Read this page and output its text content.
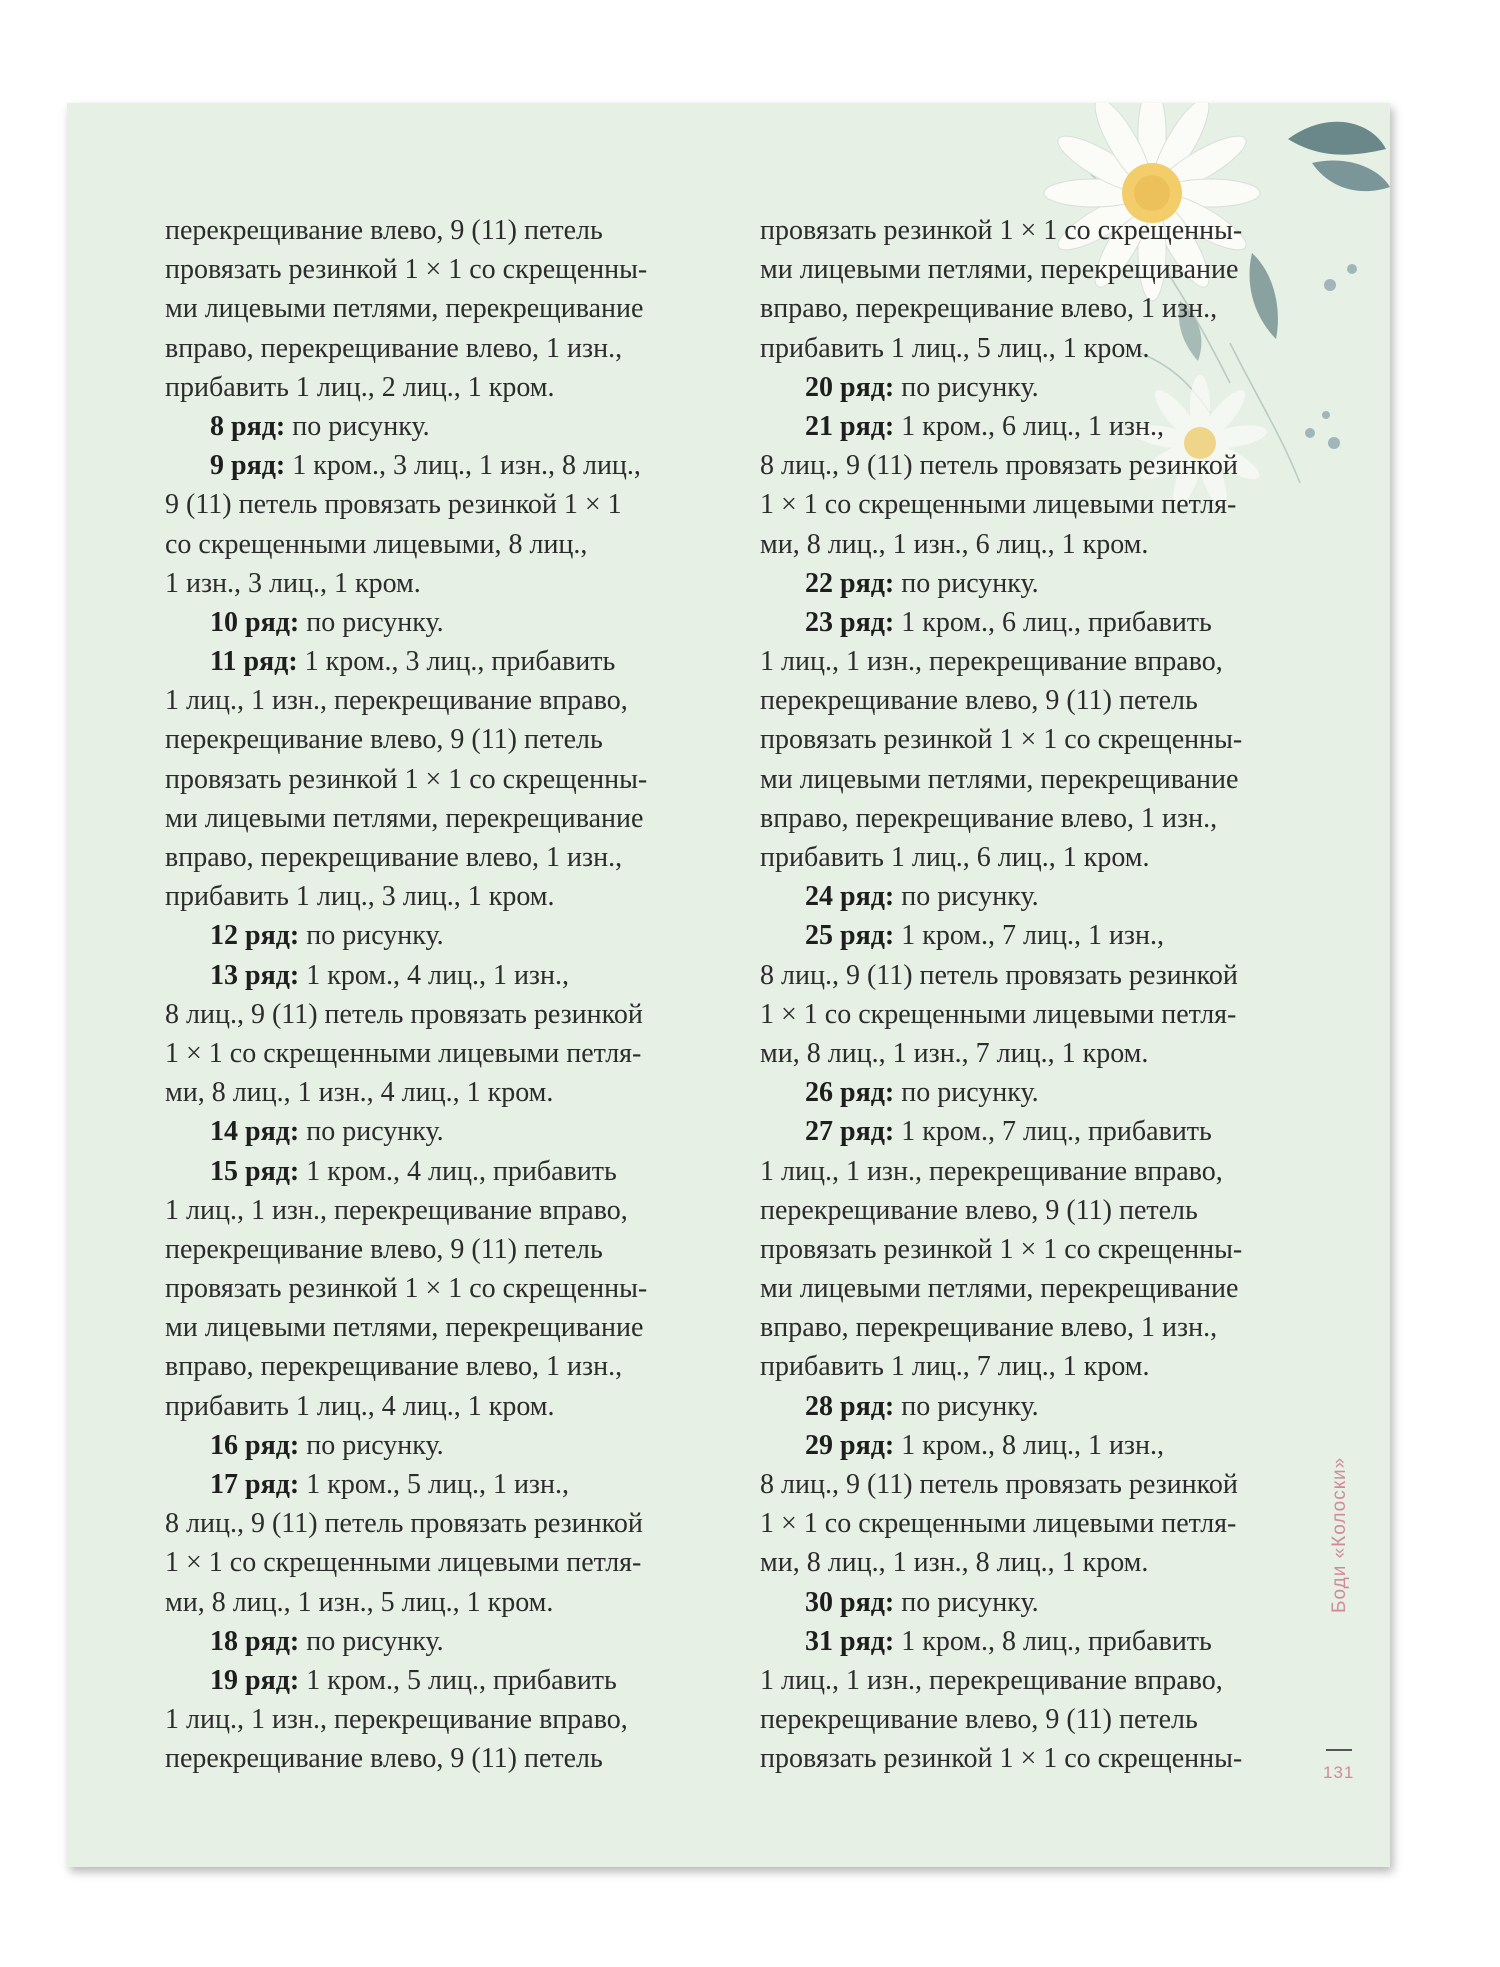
перекрещивание влево, 9 (11) петель
провязать резинкой 1 × 1 со скрещенны-
ми лицевыми петлями, перекрещивание
вправо, перекрещивание влево, 1 изн.,
прибавить 1 лиц., 2 лиц., 1 кром.
8 ряд: по рисунку.
9 ряд: 1 кром., 3 лиц., 1 изн., 8 лиц.,
9 (11) петель провязать резинкой 1 × 1
со скрещенными лицевыми, 8 лиц.,
1 изн., 3 лиц., 1 кром.
10 ряд: по рисунку.
11 ряд: 1 кром., 3 лиц., прибавить
1 лиц., 1 изн., перекрещивание вправо,
перекрещивание влево, 9 (11) петель
провязать резинкой 1 × 1 со скрещенны-
ми лицевыми петлями, перекрещивание
вправо, перекрещивание влево, 1 изн.,
прибавить 1 лиц., 3 лиц., 1 кром.
12 ряд: по рисунку.
13 ряд: 1 кром., 4 лиц., 1 изн.,
8 лиц., 9 (11) петель провязать резинкой
1 × 1 со скрещенными лицевыми петля-
ми, 8 лиц., 1 изн., 4 лиц., 1 кром.
14 ряд: по рисунку.
15 ряд: 1 кром., 4 лиц., прибавить
1 лиц., 1 изн., перекрещивание вправо,
перекрещивание влево, 9 (11) петель
провязать резинкой 1 × 1 со скрещенны-
ми лицевыми петлями, перекрещивание
вправо, перекрещивание влево, 1 изн.,
прибавить 1 лиц., 4 лиц., 1 кром.
16 ряд: по рисунку.
17 ряд: 1 кром., 5 лиц., 1 изн.,
8 лиц., 9 (11) петель провязать резинкой
1 × 1 со скрещенными лицевыми петля-
ми, 8 лиц., 1 изн., 5 лиц., 1 кром.
18 ряд: по рисунку.
19 ряд: 1 кром., 5 лиц., прибавить
1 лиц., 1 изн., перекрещивание вправо,
перекрещивание влево, 9 (11) петель
провязать резинкой 1 × 1 со скрещенны-
ми лицевыми петлями, перекрещивание
вправо, перекрещивание влево, 1 изн.,
прибавить 1 лиц., 5 лиц., 1 кром.
20 ряд: по рисунку.
21 ряд: 1 кром., 6 лиц., 1 изн.,
8 лиц., 9 (11) петель провязать резинкой
1 × 1 со скрещенными лицевыми петля-
ми, 8 лиц., 1 изн., 6 лиц., 1 кром.
22 ряд: по рисунку.
23 ряд: 1 кром., 6 лиц., прибавить
1 лиц., 1 изн., перекрещивание вправо,
перекрещивание влево, 9 (11) петель
провязать резинкой 1 × 1 со скрещенны-
ми лицевыми петлями, перекрещивание
вправо, перекрещивание влево, 1 изн.,
прибавить 1 лиц., 6 лиц., 1 кром.
24 ряд: по рисунку.
25 ряд: 1 кром., 7 лиц., 1 изн.,
8 лиц., 9 (11) петель провязать резинкой
1 × 1 со скрещенными лицевыми петля-
ми, 8 лиц., 1 изн., 7 лиц., 1 кром.
26 ряд: по рисунку.
27 ряд: 1 кром., 7 лиц., прибавить
1 лиц., 1 изн., перекрещивание вправо,
перекрещивание влево, 9 (11) петель
провязать резинкой 1 × 1 со скрещенны-
ми лицевыми петлями, перекрещивание
вправо, перекрещивание влево, 1 изн.,
прибавить 1 лиц., 7 лиц., 1 кром.
28 ряд: по рисунку.
29 ряд: 1 кром., 8 лиц., 1 изн.,
8 лиц., 9 (11) петель провязать резинкой
1 × 1 со скрещенными лицевыми петля-
ми, 8 лиц., 1 изн., 8 лиц., 1 кром.
30 ряд: по рисунку.
31 ряд: 1 кром., 8 лиц., прибавить
1 лиц., 1 изн., перекрещивание вправо,
перекрещивание влево, 9 (11) петель
провязать резинкой 1 × 1 со скрещенны-
Боди «Колоски»
131
